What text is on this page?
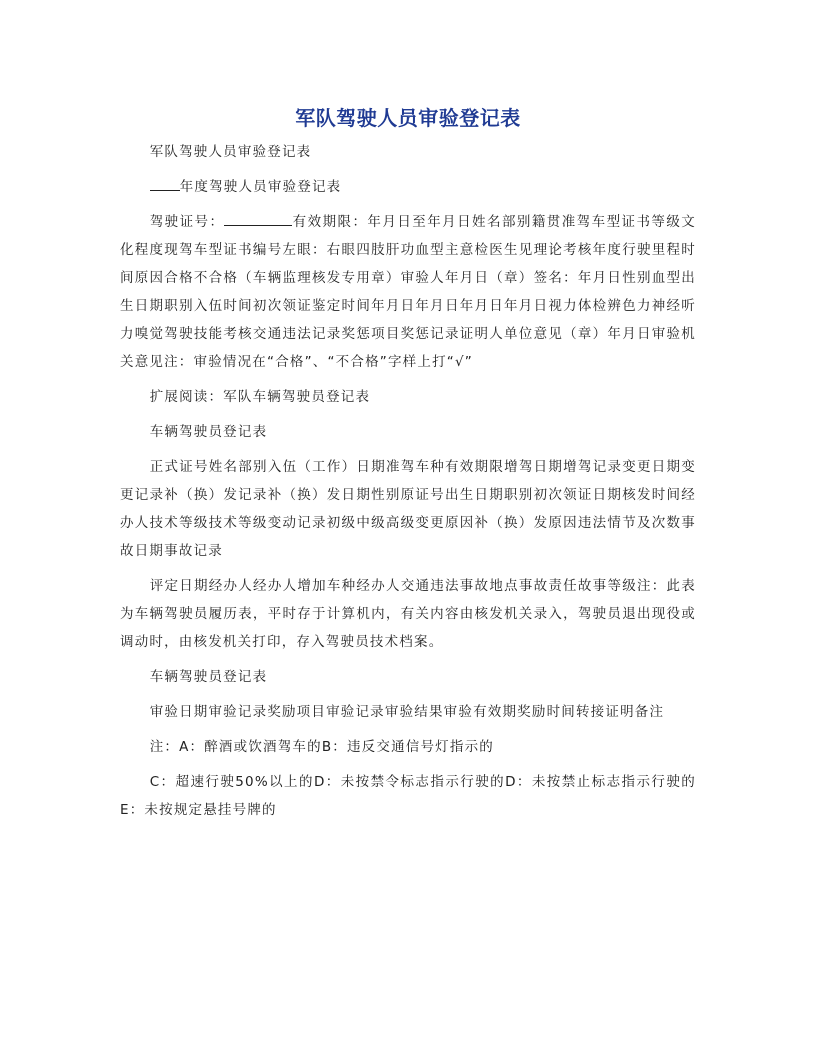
军队驾驶人员审验登记表

军队驾驶人员审验登记表

年度驾驶人员审验登记表

驾驶证号：	有效期限：年月日至年月日姓名部别籍贯准驾车型证书等级文化程度现驾车型证书编号左眼：右眼四肢肝功血型主意检医生见理论考核年度行驶里程时间原因合格不合格（车辆监理核发专用章）审验人年月日（章）签名：年月日性别血型出生日期职别入伍时间初次领证鉴定时间年月日年月日年月日年月日视力体检辨色力神经听力嗅觉驾驶技能考核交通违法记录奖惩项目奖惩记录证明人单位意见（章）年月日审验机关意见注：审验情况在“合格”、“不合格”字样上打“√”

扩展阅读：军队车辆驾驶员登记表

车辆驾驶员登记表

正式证号姓名部别入伍（工作）日期准驾车种有效期限增驾日期增驾记录变更日期变更记录补（换）发记录补（换）发日期性别原证号出生日期职别初次领证日期核发时间经办人技术等级技术等级变动记录初级中级高级变更原因补（换）发原因违法情节及次数事故日期事故记录

评定日期经办人经办人增加车种经办人交通违法事故地点事故责任故事等级注：此表为车辆驾驶员履历表，平时存于计算机内，有关内容由核发机关录入，驾驶员退出现役或调动时，由核发机关打印，存入驾驶员技术档案。

车辆驾驶员登记表

审验日期审验记录奖励项目审验记录审验结果审验有效期奖励时间转接证明备注

注：A：醉酒或饮酒驾车的B：违反交通信号灯指示的

C：超速行驶50%以上的D：未按禁令标志指示行驶的D：未按禁止标志指示行驶的E：未按规定悬挂号牌的
